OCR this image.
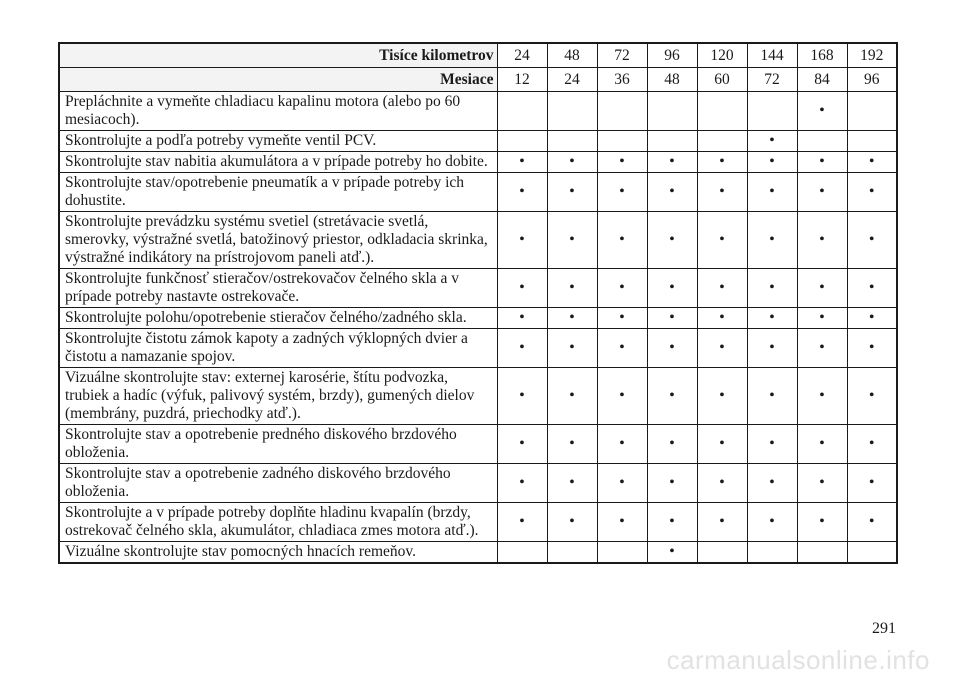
Tisíce kilometrov	24	48	72	96	120	144	168	192
Mesiace	12	24	36	48	60	72	84	96
Prepláchnite a vymeňte chladiacu kapalinu motora (alebo po 60 mesiacoch).							•	
Skontrolujte a podľa potreby vymeňte ventil PCV.						•		
Skontrolujte stav nabitia akumulátora a v prípade potreby ho dobite.	•	•	•	•	•	•	•	•
Skontrolujte stav/opotrebenie pneumatík a v prípade potreby ich dohustite.	•	•	•	•	•	•	•	•
Skontrolujte prevádzku systému svetiel (stretávacie svetlá, smerovky, výstražné svetlá, batožinový priestor, odkladacia skrinka, výstražné indikátory na prístrojovom paneli atď.).	•	•	•	•	•	•	•	•
Skontrolujte funkčnosť stieračov/ostrekovačov čelného skla a v prípade potreby nastavte ostrekovače.	•	•	•	•	•	•	•	•
Skontrolujte polohu/opotrebenie stieračov čelného/zadného skla.	•	•	•	•	•	•	•	•
Skontrolujte čistotu zámok kapoty a zadných výklopných dvier a čistotu a namazanie spojov.	•	•	•	•	•	•	•	•
Vizuálne skontrolujte stav: externej karosérie, štítu podvozka, trubiek a hadíc (výfuk, palivový systém, brzdy), gumených dielov (membrány, puzdrá, priechodky atď.).	•	•	•	•	•	•	•	•
Skontrolujte stav a opotrebenie predného diskového brzdového obloženia.	•	•	•	•	•	•	•	•
Skontrolujte stav a opotrebenie zadného diskového brzdového obloženia.	•	•	•	•	•	•	•	•
Skontrolujte a v prípade potreby doplňte hladinu kvapalín (brzdy, ostrekovač čelného skla, akumulátor, chladiaca zmes motora atď.).	•	•	•	•	•	•	•	•
Vizuálne skontrolujte stav pomocných hnacích remeňov.				•				
291
carmanualsonline.info
